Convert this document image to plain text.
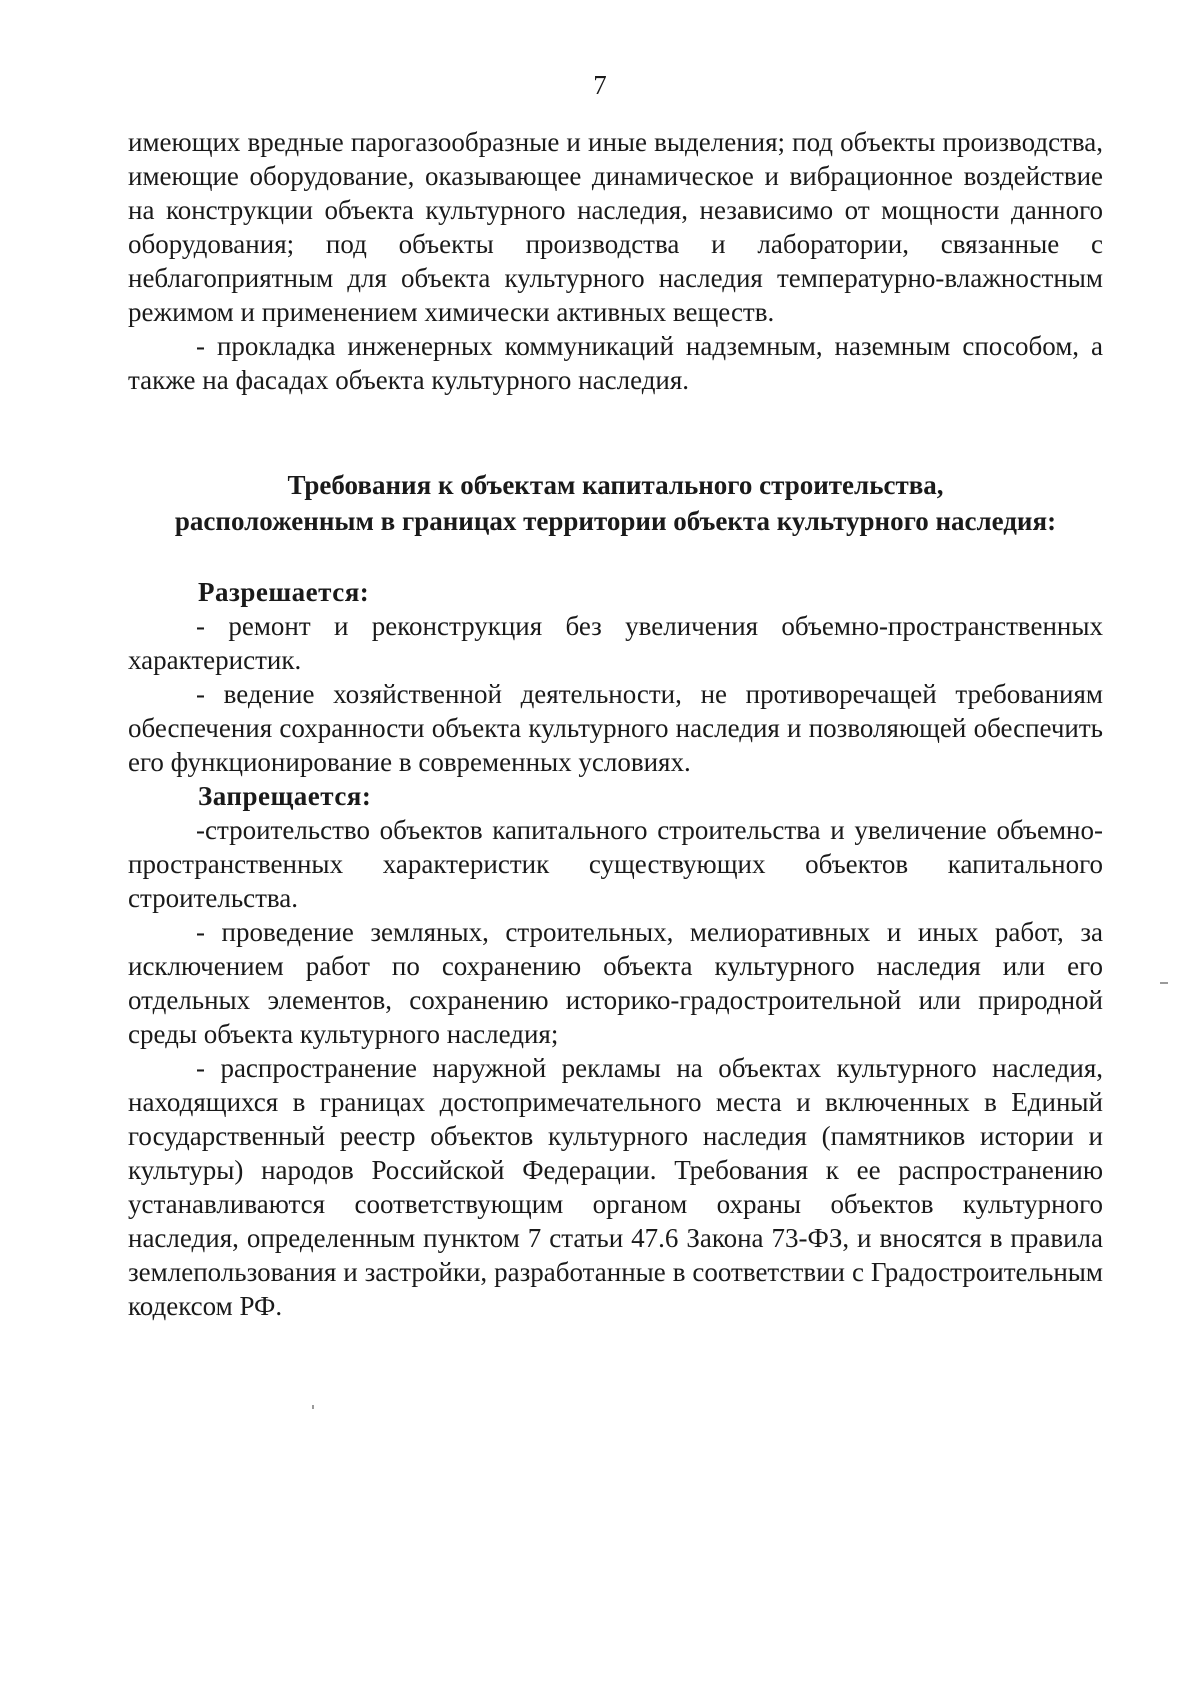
7

имеющих вредные парогазообразные и иные выделения; под объекты производства, имеющие оборудование, оказывающее динамическое и вибрационное воздействие на конструкции объекта культурного наследия, независимо от мощности данного оборудования; под объекты производства и лаборатории, связанные с неблагоприятным для объекта культурного наследия температурно-влажностным режимом и применением химически активных веществ.

- прокладка инженерных коммуникаций надземным, наземным способом, а также на фасадах объекта культурного наследия.

Требования к объектам капитального строительства,

расположенным в границах территории объекта культурного наследия:

Разрешается:

- ремонт и реконструкция без увеличения объемно-пространственных характеристик.

- ведение хозяйственной деятельности, не противоречащей требованиям обеспечения сохранности объекта культурного наследия и позволяющей обеспечить его функционирование в современных условиях.

Запрещается:

-строительство объектов капитального строительства и увеличение объемно-пространственных характеристик существующих объектов капитального строительства.

- проведение земляных, строительных, мелиоративных и иных работ, за исключением работ по сохранению объекта культурного наследия или его отдельных элементов, сохранению историко-градостроительной или природной среды объекта культурного наследия;

- распространение наружной рекламы на объектах культурного наследия, находящихся в границах достопримечательного места и включенных в Единый государственный реестр объектов культурного наследия (памятников истории и культуры) народов Российской Федерации. Требования к ее распространению устанавливаются соответствующим органом охраны объектов культурного наследия, определенным пунктом 7 статьи 47.6 Закона 73-ФЗ, и вносятся в правила землепользования и застройки, разработанные в соответствии с Градостроительным кодексом РФ.
